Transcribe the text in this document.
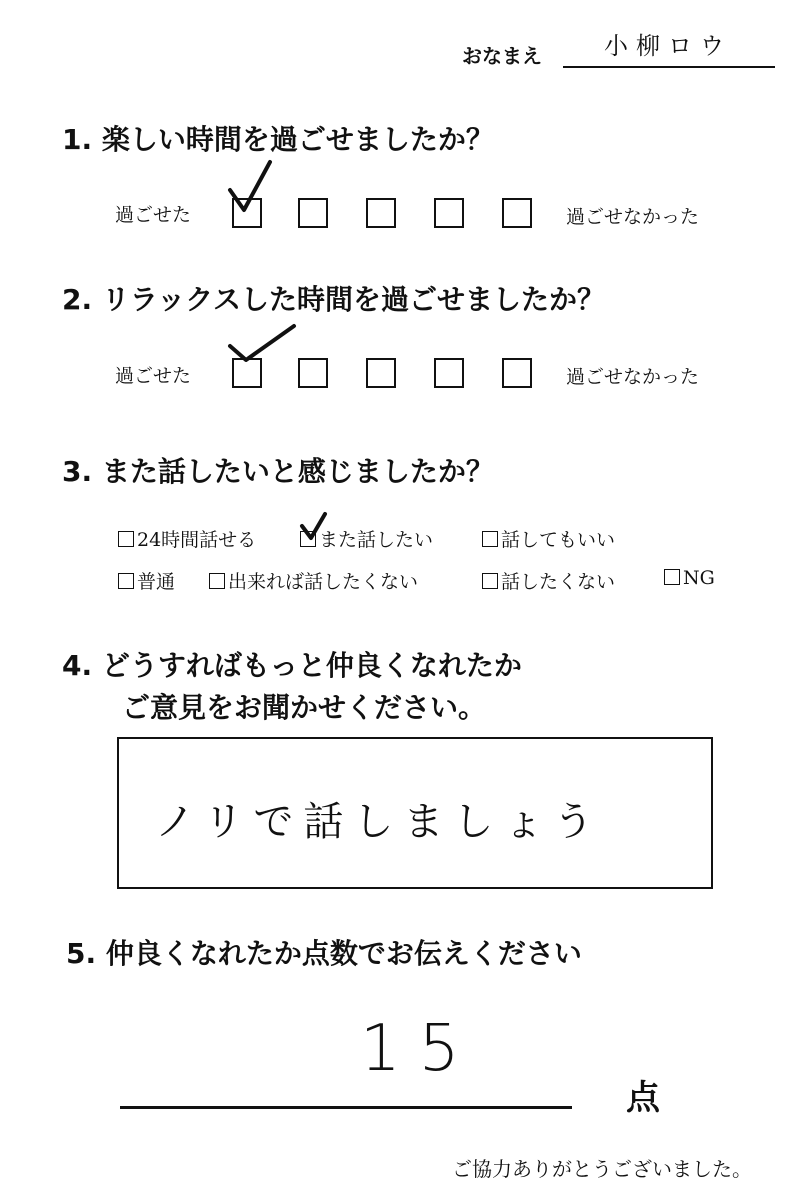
おなまえ	小柳ロウ
1. 楽しい時間を過ごせましたか？
過ごせた	過ごせなかった
2. リラックスした時間を過ごせましたか？
過ごせた	過ごせなかった
3. また話したいと感じましたか？
24時間話せる	また話したい	話してもいい
普通	出来れば話したくない	話したくない	NG
4. どうすればもっと仲良くなれたか
ご意見をお聞かせください。
ノリで話しましょう
5. 仲良くなれたか点数でお伝えください
15
点
ご協力ありがとうございました。
